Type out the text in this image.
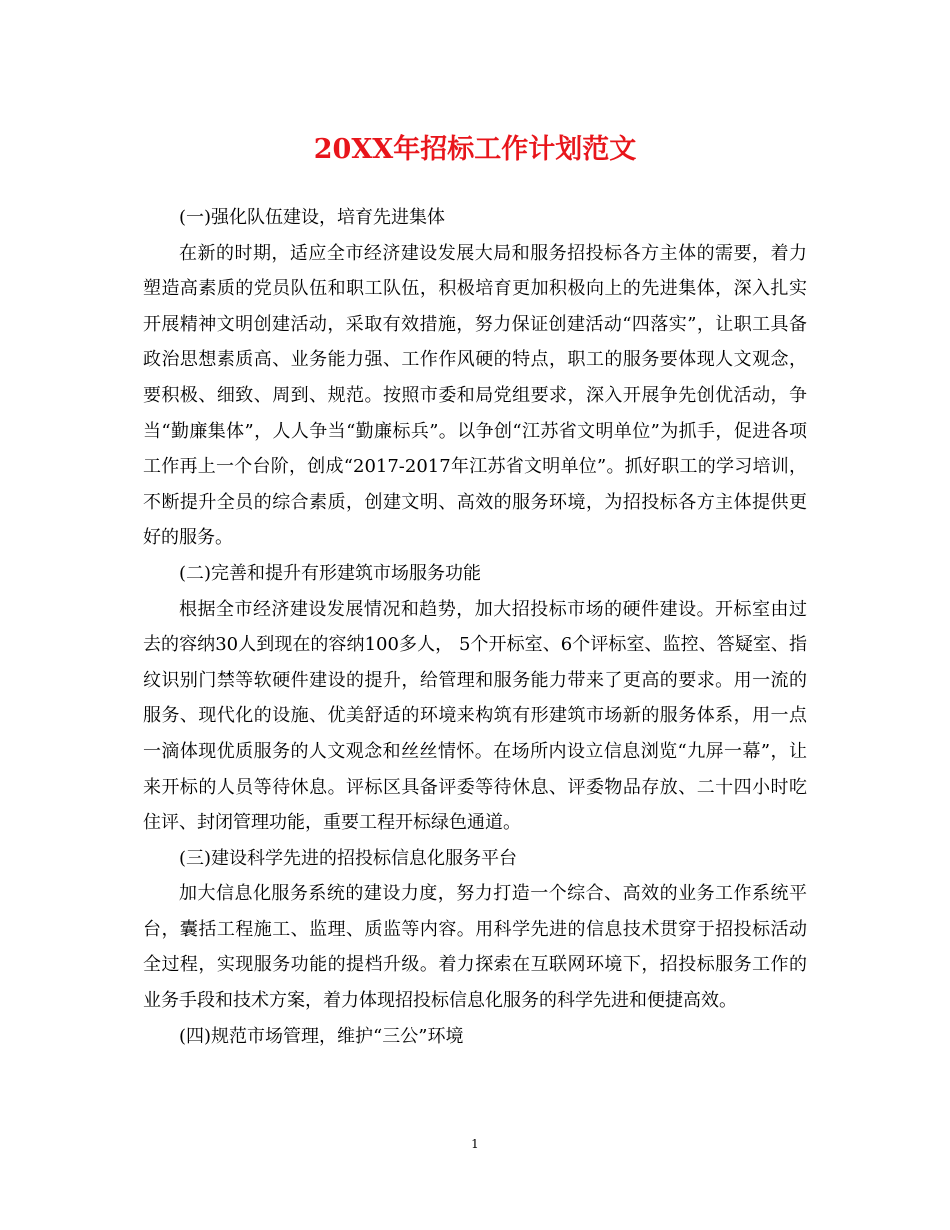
20XX年招标工作计划范文

(一)强化队伍建设，培育先进集体

在新的时期，适应全市经济建设发展大局和服务招投标各方主体的需要，着力塑造高素质的党员队伍和职工队伍，积极培育更加积极向上的先进集体，深入扎实开展精神文明创建活动，采取有效措施，努力保证创建活动“四落实”，让职工具备政治思想素质高、业务能力强、工作作风硬的特点，职工的服务要体现人文观念，要积极、细致、周到、规范。按照市委和局党组要求，深入开展争先创优活动，争当“勤廉集体”，人人争当“勤廉标兵”。以争创“江苏省文明单位”为抓手，促进各项工作再上一个台阶，创成“2017-2017年江苏省文明单位”。抓好职工的学习培训，不断提升全员的综合素质，创建文明、高效的服务环境，为招投标各方主体提供更好的服务。

(二)完善和提升有形建筑市场服务功能

根据全市经济建设发展情况和趋势，加大招投标市场的硬件建设。开标室由过去的容纳30人到现在的容纳100多人， 5个开标室、6个评标室、监控、答疑室、指纹识别门禁等软硬件建设的提升，给管理和服务能力带来了更高的要求。用一流的服务、现代化的设施、优美舒适的环境来构筑有形建筑市场新的服务体系，用一点一滴体现优质服务的人文观念和丝丝情怀。在场所内设立信息浏览“九屏一幕”，让来开标的人员等待休息。评标区具备评委等待休息、评委物品存放、二十四小时吃住评、封闭管理功能，重要工程开标绿色通道。

(三)建设科学先进的招投标信息化服务平台

加大信息化服务系统的建设力度，努力打造一个综合、高效的业务工作系统平台，囊括工程施工、监理、质监等内容。用科学先进的信息技术贯穿于招投标活动全过程，实现服务功能的提档升级。着力探索在互联网环境下，招投标服务工作的业务手段和技术方案，着力体现招投标信息化服务的科学先进和便捷高效。

(四)规范市场管理，维护“三公”环境

1
